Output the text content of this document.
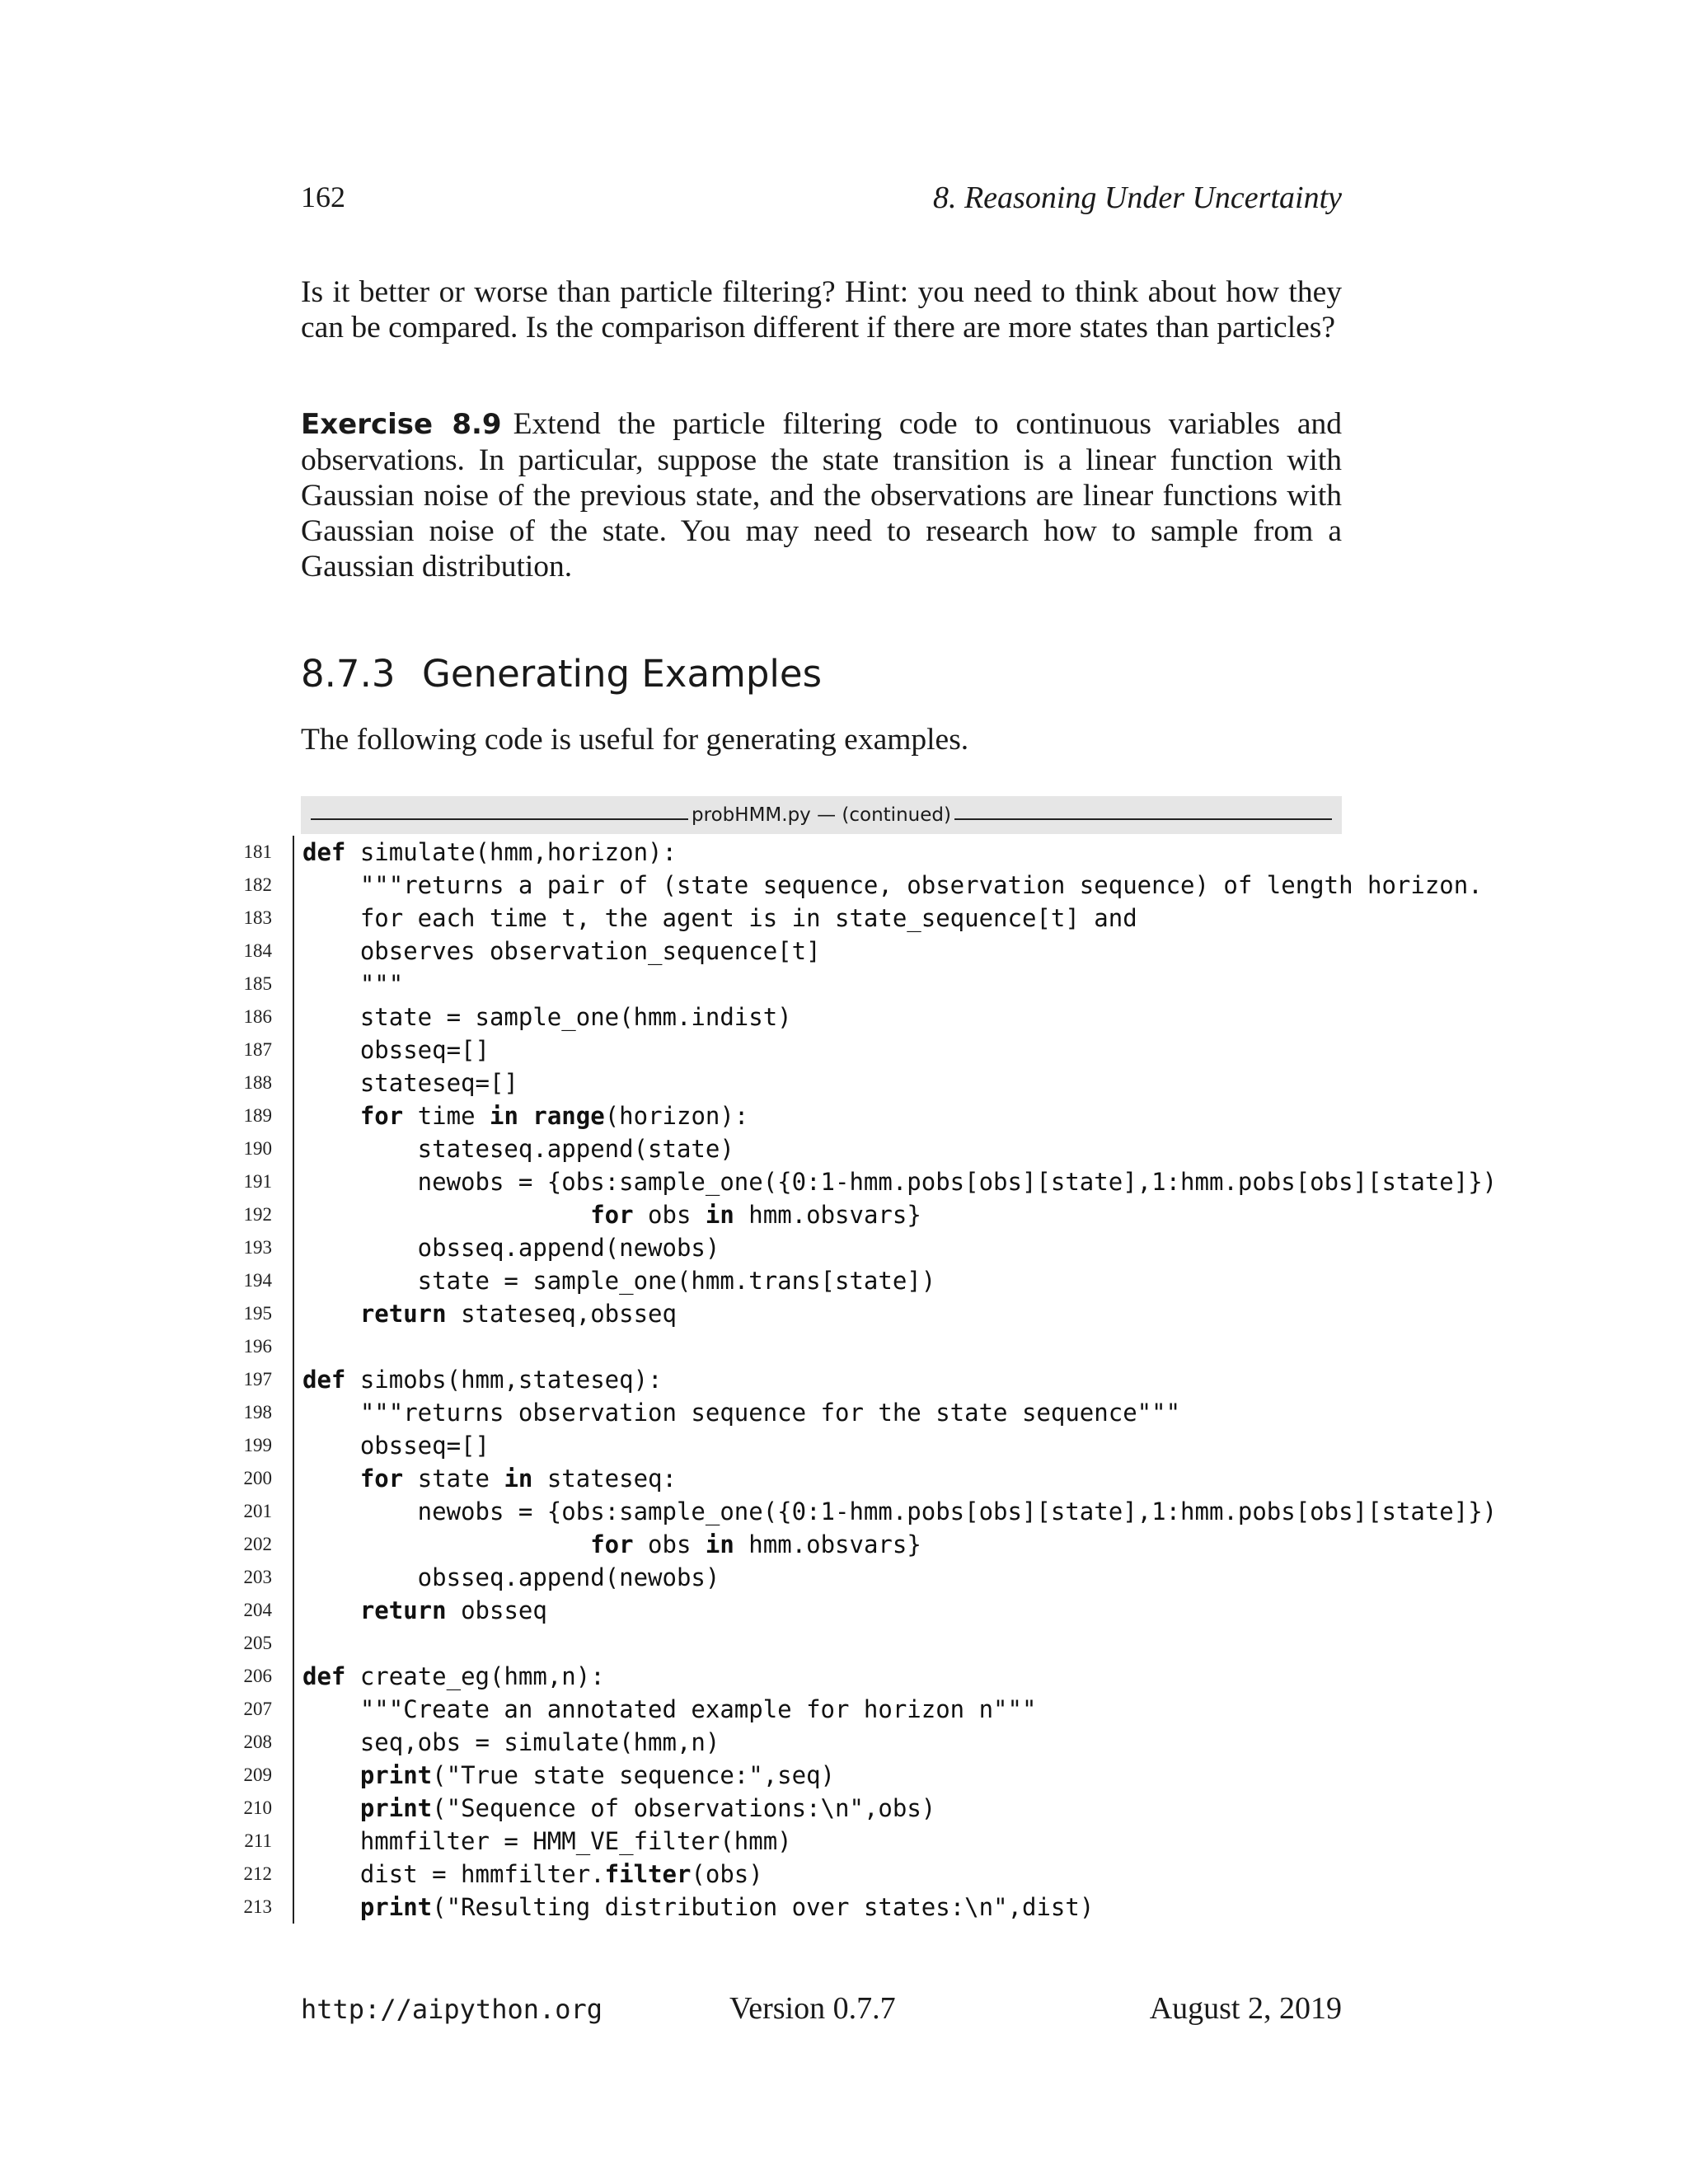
162	8. Reasoning Under Uncertainty

Is it better or worse than particle filtering? Hint: you need to think about how they can be compared. Is the comparison different if there are more states than particles?

Exercise 8.9 Extend the particle filtering code to continuous variables and observations. In particular, suppose the state transition is a linear function with Gaussian noise of the previous state, and the observations are linear functions with Gaussian noise of the state. You may need to research how to sample from a Gaussian distribution.

8.7.3 Generating Examples

The following code is useful for generating examples.

probHMM.py — (continued)
181 def simulate(hmm,horizon):
182 """returns a pair of (state sequence, observation sequence) of length horizon.
183 for each time t, the agent is in state_sequence[t] and
184 observes observation_sequence[t]
185 """
186 state = sample_one(hmm.indist)
187 obsseq=[]
188 stateseq=[]
189	for time in range(horizon):
190 stateseq.append(state)
191 newobs = {obs:sample_one({0:1-hmm.pobs[obs][state],1:hmm.pobs[obs][state]})
192	for obs in hmm.obsvars}
193 obsseq.append(newobs)
194 state = sample_one(hmm.trans[state])
195	return stateseq,obsseq
196
197 def simobs(hmm,stateseq):
198 """returns observation sequence for the state sequence"""
199 obsseq=[]
200	for state in stateseq:
201 newobs = {obs:sample_one({0:1-hmm.pobs[obs][state],1:hmm.pobs[obs][state]})
202	for obs in hmm.obsvars}
203 obsseq.append(newobs)
204	return obsseq
205
206 def create_eg(hmm,n):
207 """Create an annotated example for horizon n"""
208 seq,obs = simulate(hmm,n)
209	print("True state sequence:",seq)
210	print("Sequence of observations:\n",obs)
211 hmmfilter = HMM_VE_filter(hmm)
212 dist = hmmfilter.filter(obs)
213	print("Resulting distribution over states:\n",dist)
http://aipython.org	Version 0.7.7	August 2, 2019
